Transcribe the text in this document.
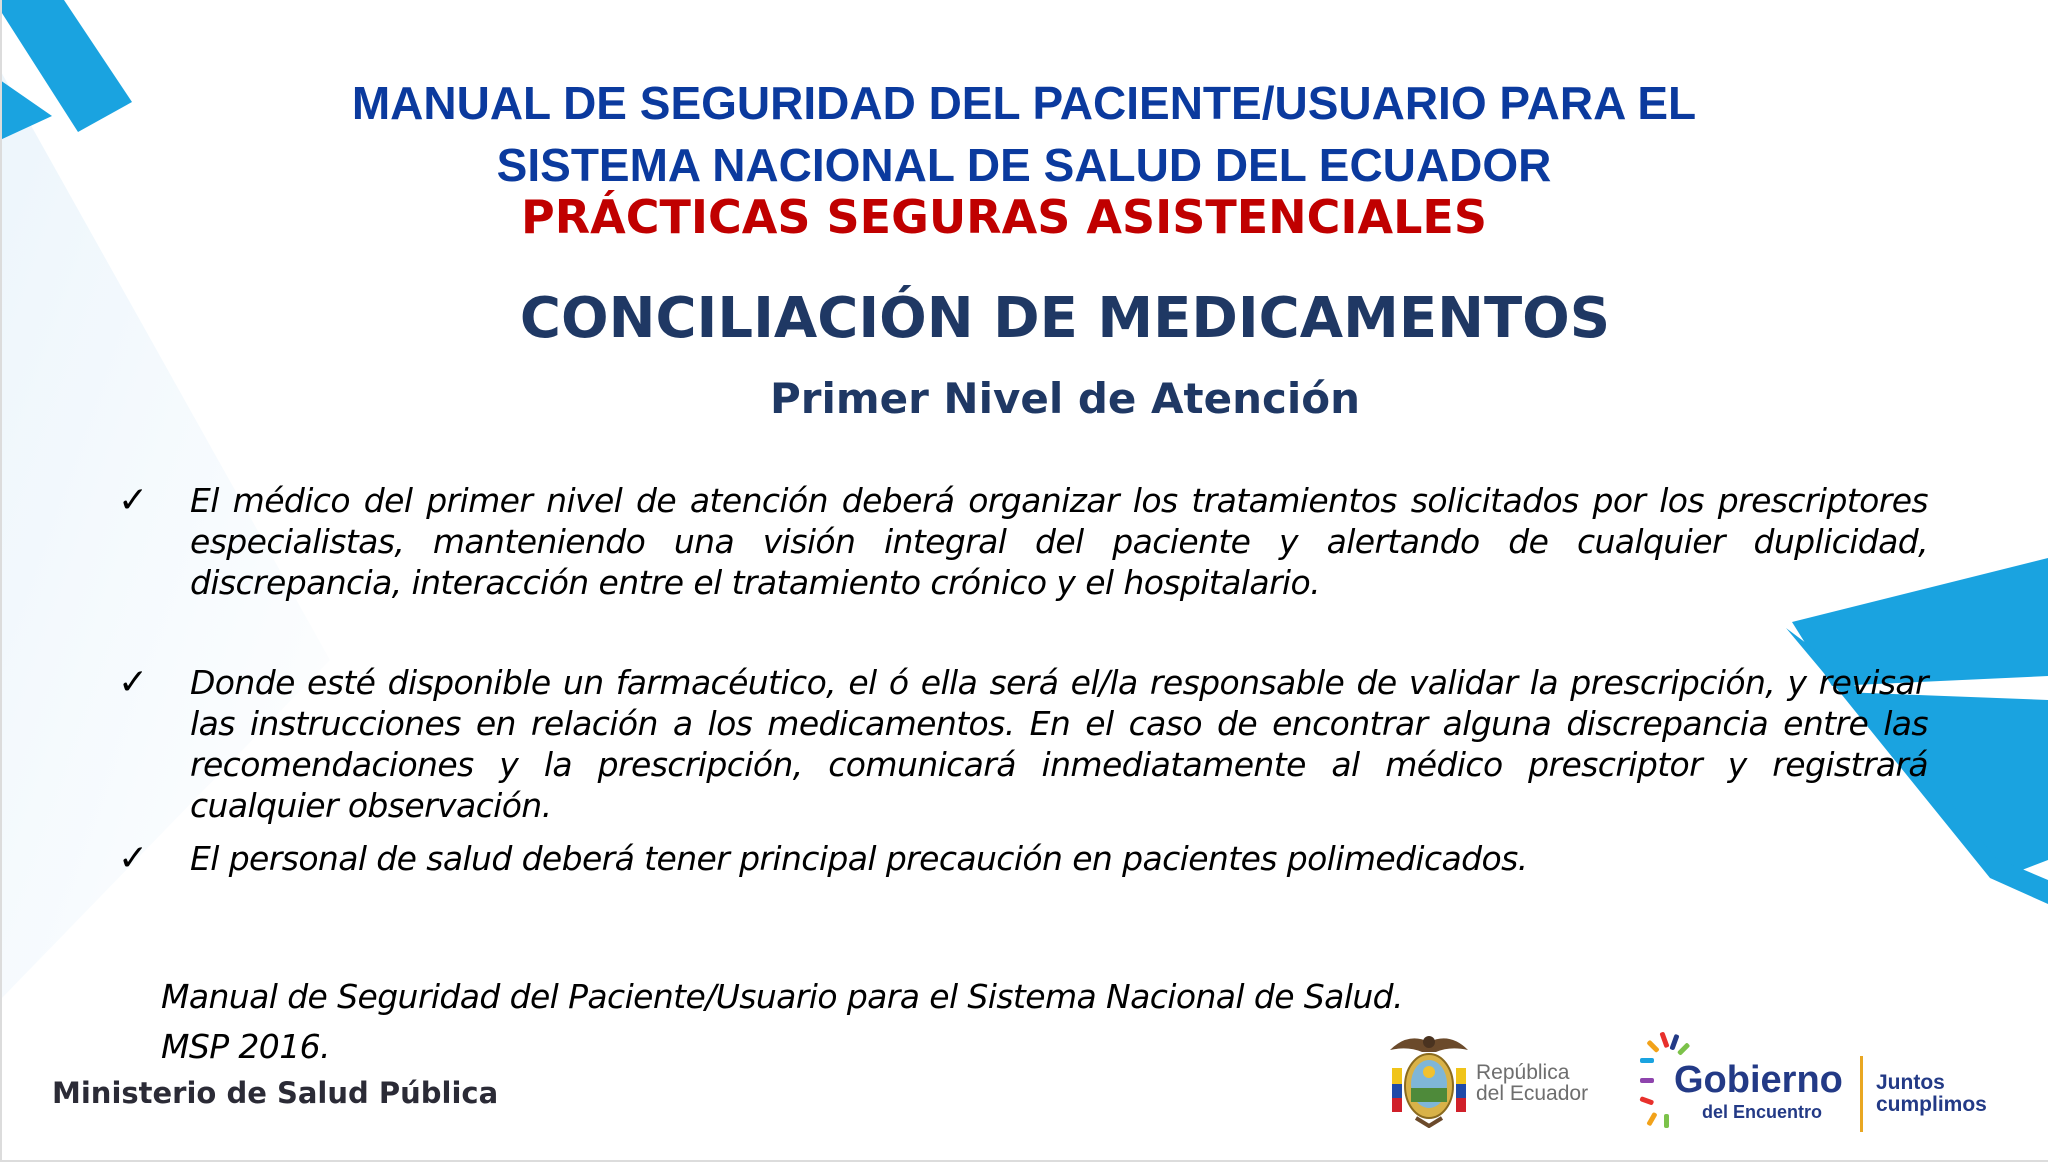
MANUAL DE SEGURIDAD DEL PACIENTE/USUARIO PARA EL
SISTEMA NACIONAL DE SALUD DEL ECUADOR
PRÁCTICAS SEGURAS ASISTENCIALES
CONCILIACIÓN DE MEDICAMENTOS
Primer Nivel de Atención
✓ El médico del primer nivel de atención deberá organizar los tratamientos solicitados por los prescriptores especialistas, manteniendo una visión integral del paciente y alertando de cualquier duplicidad, discrepancia, interacción entre el tratamiento crónico y el hospitalario.
✓ Donde esté disponible un farmacéutico, el ó ella será el/la responsable de validar la prescripción, y revisar las instrucciones en relación a los medicamentos. En el caso de encontrar alguna discrepancia entre las recomendaciones y la prescripción, comunicará inmediatamente al médico prescriptor y registrará cualquier observación.
✓ El personal de salud deberá tener principal precaución en pacientes polimedicados.
Manual de Seguridad del Paciente/Usuario para el Sistema Nacional de Salud.
MSP 2016.
Ministerio de Salud Pública
República
del Ecuador Gobierno
del Encuentro
Juntos
cumplimos
